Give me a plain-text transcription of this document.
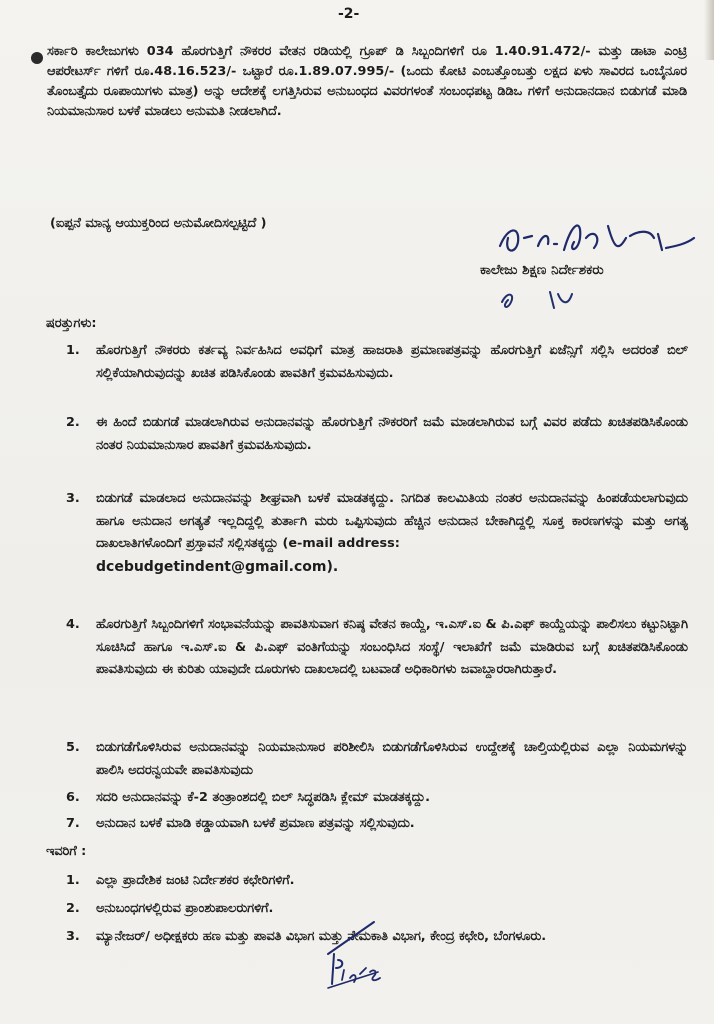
-2-

ಸರ್ಕಾರಿ ಕಾಲೇಜುಗಳು 034 ಹೊರಗುತ್ತಿಗೆ ನೌಕರರ ವೇತನ ರಡಿಯಲ್ಲಿ ಗ್ರೂಪ್ ಡಿ ಸಿಬ್ಬಂದಿಗಳಿಗೆ ರೂ 1.40.91.472/- ಮತ್ತು ಡಾಟಾ ಎಂಟ್ರಿ ಆಪರೇಟರ್ಸ್ ಗಳಿಗೆ ರೂ.48.16.523/- ಒಟ್ಟಾರೆ ರೂ.1.89.07.995/- (ಒಂದು ಕೋಟಿ ಎಂಬತ್ತೊಂಬತ್ತು ಲಕ್ಷದ ಏಳು ಸಾವಿರದ ಒಂಬೈನೂರ ತೊಂಬತ್ತೈದು ರೂಪಾಯಿಗಳು ಮಾತ್ರ) ಅನ್ನು ಆದೇಶಕ್ಕೆ ಲಗತ್ತಿಸಿರುವ ಅನುಬಂಧದ ವಿವರಗಳಂತೆ ಸಂಬಂಧಪಟ್ಟ ಡಿಡಿಒ ಗಳಿಗೆ ಅನುದಾನದಾನ ಬಿಡುಗಡೆ ಮಾಡಿ ನಿಯಮಾನುಸಾರ ಬಳಕೆ ಮಾಡಲು ಅನುಮತಿ ನೀಡಲಾಗಿದೆ.

(ಐಪ್ಪನೆ ಮಾನ್ಯ ಆಯುಕ್ತರಿಂದ ಅನುಮೋದಿಸಲ್ಪಟ್ಟಿದೆ )

ಕಾಲೇಜು ಶಿಕ್ಷಣ ನಿರ್ದೇಶಕರು

ಷರತ್ತುಗಳು:

1.	ಹೊರಗುತ್ತಿಗೆ ನೌಕರರು ಕರ್ತವ್ಯ ನಿರ್ವಹಿಸಿದ ಅವಧಿಗೆ ಮಾತ್ರ ಹಾಜರಾತಿ ಪ್ರಮಾಣಪತ್ರವನ್ನು ಹೊರಗುತ್ತಿಗೆ ಏಜೆನ್ಸಿಗೆ ಸಲ್ಲಿಸಿ ಅದರಂತೆ ಬಿಲ್ ಸಲ್ಲಿಕೆಯಾಗಿರುವುದನ್ನು ಖಚಿತ ಪಡಿಸಿಕೊಂಡು ಪಾವತಿಗೆ ಕ್ರಮವಹಿಸುವುದು.
2.	ಈ ಹಿಂದೆ ಬಿಡುಗಡೆ ಮಾಡಲಾಗಿರುವ ಅನುದಾನವನ್ನು ಹೊರಗುತ್ತಿಗೆ ನೌಕರರಿಗೆ ಜಮೆ ಮಾಡಲಾಗಿರುವ ಬಗ್ಗೆ ವಿವರ ಪಡೆದು ಖಚಿತಪಡಿಸಿಕೊಂಡು ನಂತರ ನಿಯಮಾನುಸಾರ ಪಾವತಿಗೆ ಕ್ರಮವಹಿಸುವುದು.
3.	ಬಿಡುಗಡೆ ಮಾಡಲಾದ ಅನುದಾನವನ್ನು ಶೀಘ್ರವಾಗಿ ಬಳಕೆ ಮಾಡತಕ್ಕದ್ದು. ನಿಗದಿತ ಕಾಲಮಿತಿಯ ನಂತರ ಅನುದಾನವನ್ನು ಹಿಂಪಡೆಯಲಾಗುವುದು ಹಾಗೂ ಅನುದಾನ ಅಗತ್ಯತೆ ಇಲ್ಲದಿದ್ದಲ್ಲಿ ತುರ್ತಾಗಿ ಮರು ಒಪ್ಪಿಸುವುದು ಹೆಚ್ಚಿನ ಅನುದಾನ ಬೇಕಾಗಿದ್ದಲ್ಲಿ ಸೂಕ್ತ ಕಾರಣಗಳನ್ನು ಮತ್ತು ಅಗತ್ಯ ದಾಖಲಾತಿಗಳೊಂದಿಗೆ ಪ್ರಸ್ತಾವನೆ ಸಲ್ಲಿಸತಕ್ಕದ್ದು (e-mail address:
dcebudgetindent@gmail.com).
4.	ಹೊರಗುತ್ತಿಗೆ ಸಿಬ್ಬಂದಿಗಳಿಗೆ ಸಂಭಾವನೆಯನ್ನು ಪಾವತಿಸುವಾಗ ಕನಿಷ್ಠ ವೇತನ ಕಾಯ್ದೆ, ಇ.ಎಸ್.ಐ & ಪಿ.ಎಫ್ ಕಾಯ್ದೆಯನ್ನು ಪಾಲಿಸಲು ಕಟ್ಟುನಿಟ್ಟಾಗಿ ಸೂಚಿಸಿದೆ ಹಾಗೂ ಇ.ಎಸ್.ಐ & ಪಿ.ಎಫ್ ವಂತಿಗೆಯನ್ನು ಸಂಬಂಧಿಸಿದ ಸಂಸ್ಥೆ/ ಇಲಾಖೆಗೆ ಜಮೆ ಮಾಡಿರುವ ಬಗ್ಗೆ ಖಚಿತಪಡಿಸಿಕೊಂಡು ಪಾವತಿಸುವುದು ಈ ಕುರಿತು ಯಾವುದೇ ದೂರುಗಳು ದಾಖಲಾದಲ್ಲಿ ಬಟವಾಡೆ ಅಧಿಕಾರಿಗಳು ಜವಾಬ್ದಾರರಾಗಿರುತ್ತಾರೆ.
5.	ಬಿಡುಗಡೆಗೊಳಿಸಿರುವ ಅನುದಾನವನ್ನು ನಿಯಮಾನುಸಾರ ಪರಿಶೀಲಿಸಿ ಬಿಡುಗಡೆಗೊಳಿಸಿರುವ ಉದ್ದೇಶಕ್ಕೆ ಚಾಲ್ತಿಯಲ್ಲಿರುವ ಎಲ್ಲಾ ನಿಯಮಗಳನ್ನು ಪಾಲಿಸಿ ಅದರನ್ವಯವೇ ಪಾವತಿಸುವುದು
6.	ಸದರಿ ಅನುದಾನವನ್ನು ಕೆ-2 ತಂತ್ರಾಂಶದಲ್ಲಿ ಬಿಲ್ ಸಿದ್ಧಪಡಿಸಿ ಕ್ಲೇಮ್ ಮಾಡತಕ್ಕದ್ದು.
7.	ಅನುದಾನ ಬಳಕೆ ಮಾಡಿ ಕಡ್ಡಾಯವಾಗಿ ಬಳಕೆ ಪ್ರಮಾಣ ಪತ್ರವನ್ನು ಸಲ್ಲಿಸುವುದು.

ಇವರಿಗೆ :

1.	ಎಲ್ಲಾ ಪ್ರಾದೇಶಿಕ ಜಂಟಿ ನಿರ್ದೇಶಕರ ಕಛೇರಿಗಳಿಗೆ.
2.	ಅನುಬಂಧಗಳಲ್ಲಿರುವ ಪ್ರಾಂಶುಪಾಲರುಗಳಿಗೆ.
3.	ಮ್ಯಾನೇಜರ್/ ಅಧೀಕ್ಷಕರು ಹಣ ಮತ್ತು ಪಾವತಿ ವಿಭಾಗ ಮತ್ತು ನೇಮಕಾತಿ ವಿಭಾಗ, ಕೇಂದ್ರ ಕಛೇರಿ, ಬೆಂಗಳೂರು.
